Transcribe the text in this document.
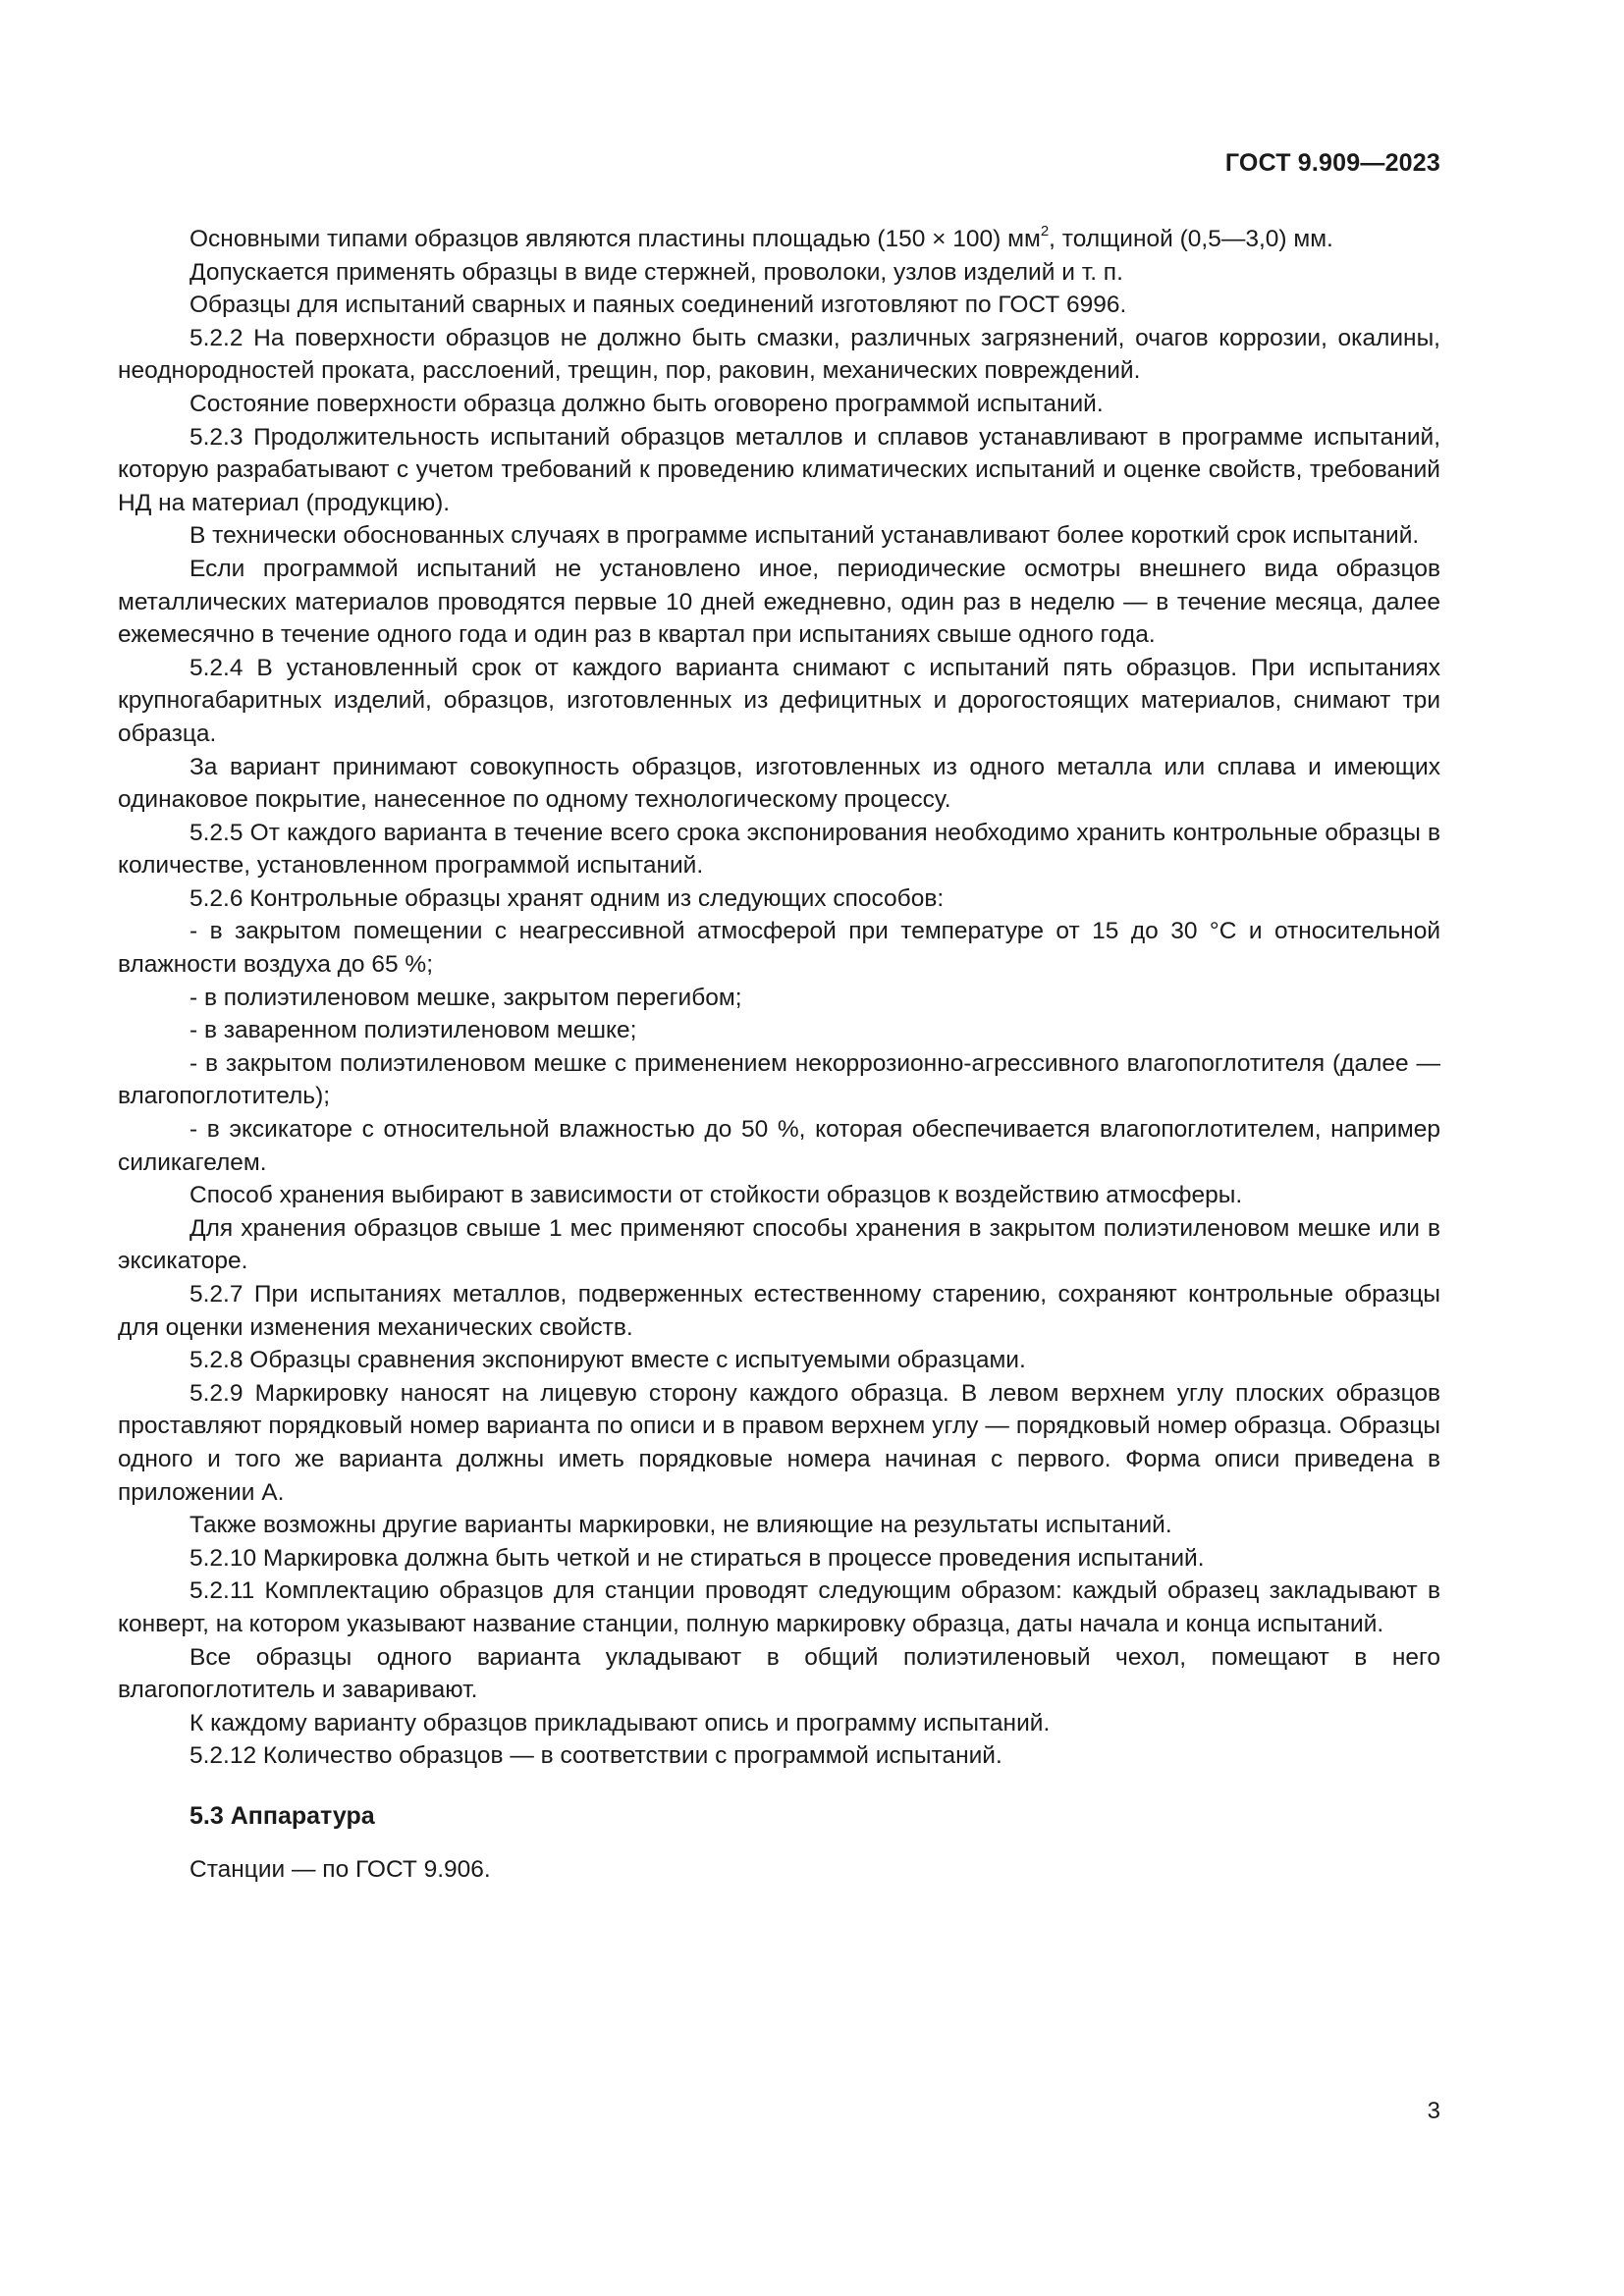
ГОСТ 9.909—2023

Основными типами образцов являются пластины площадью (150 × 100) $мм^2$, толщиной (0,5—3,0) мм.

Допускается применять образцы в виде стержней, проволоки, узлов изделий и т. п.

Образцы для испытаний сварных и паяных соединений изготовляют по ГОСТ 6996.

5.2.2 На поверхности образцов не должно быть смазки, различных загрязнений, очагов коррозии, окалины, неоднородностей проката, расслоений, трещин, пор, раковин, механических повреждений.

Состояние поверхности образца должно быть оговорено программой испытаний.

5.2.3 Продолжительность испытаний образцов металлов и сплавов устанавливают в программе испытаний, которую разрабатывают с учетом требований к проведению климатических испытаний и оценке свойств, требований НД на материал (продукцию).

В технически обоснованных случаях в программе испытаний устанавливают более короткий срок испытаний.

Если программой испытаний не установлено иное, периодические осмотры внешнего вида образцов металлических материалов проводятся первые 10 дней ежедневно, один раз в неделю — в течение месяца, далее ежемесячно в течение одного года и один раз в квартал при испытаниях свыше одного года.

5.2.4 В установленный срок от каждого варианта снимают с испытаний пять образцов. При испытаниях крупногабаритных изделий, образцов, изготовленных из дефицитных и дорогостоящих материалов, снимают три образца.

За вариант принимают совокупность образцов, изготовленных из одного металла или сплава и имеющих одинаковое покрытие, нанесенное по одному технологическому процессу.

5.2.5 От каждого варианта в течение всего срока экспонирования необходимо хранить контрольные образцы в количестве, установленном программой испытаний.

5.2.6 Контрольные образцы хранят одним из следующих способов:

- в закрытом помещении с неагрессивной атмосферой при температуре от 15 до 30 °С и относительной влажности воздуха до 65 %;

- в полиэтиленовом мешке, закрытом перегибом;

- в заваренном полиэтиленовом мешке;

- в закрытом полиэтиленовом мешке с применением некоррозионно-агрессивного влагопоглотителя (далее — влагопоглотитель);

- в эксикаторе с относительной влажностью до 50 %, которая обеспечивается влагопоглотителем, например силикагелем.

Способ хранения выбирают в зависимости от стойкости образцов к воздействию атмосферы.

Для хранения образцов свыше 1 мес применяют способы хранения в закрытом полиэтиленовом мешке или в эксикаторе.

5.2.7 При испытаниях металлов, подверженных естественному старению, сохраняют контрольные образцы для оценки изменения механических свойств.

5.2.8 Образцы сравнения экспонируют вместе с испытуемыми образцами.

5.2.9 Маркировку наносят на лицевую сторону каждого образца. В левом верхнем углу плоских образцов проставляют порядковый номер варианта по описи и в правом верхнем углу — порядковый номер образца. Образцы одного и того же варианта должны иметь порядковые номера начиная с первого. Форма описи приведена в приложении А.

Также возможны другие варианты маркировки, не влияющие на результаты испытаний.

5.2.10 Маркировка должна быть четкой и не стираться в процессе проведения испытаний.

5.2.11 Комплектацию образцов для станции проводят следующим образом: каждый образец закладывают в конверт, на котором указывают название станции, полную маркировку образца, даты начала и конца испытаний.

Все образцы одного варианта укладывают в общий полиэтиленовый чехол, помещают в него влагопоглотитель и заваривают.

К каждому варианту образцов прикладывают опись и программу испытаний.

5.2.12 Количество образцов — в соответствии с программой испытаний.

5.3 Аппаратура

Станции — по ГОСТ 9.906.

3
